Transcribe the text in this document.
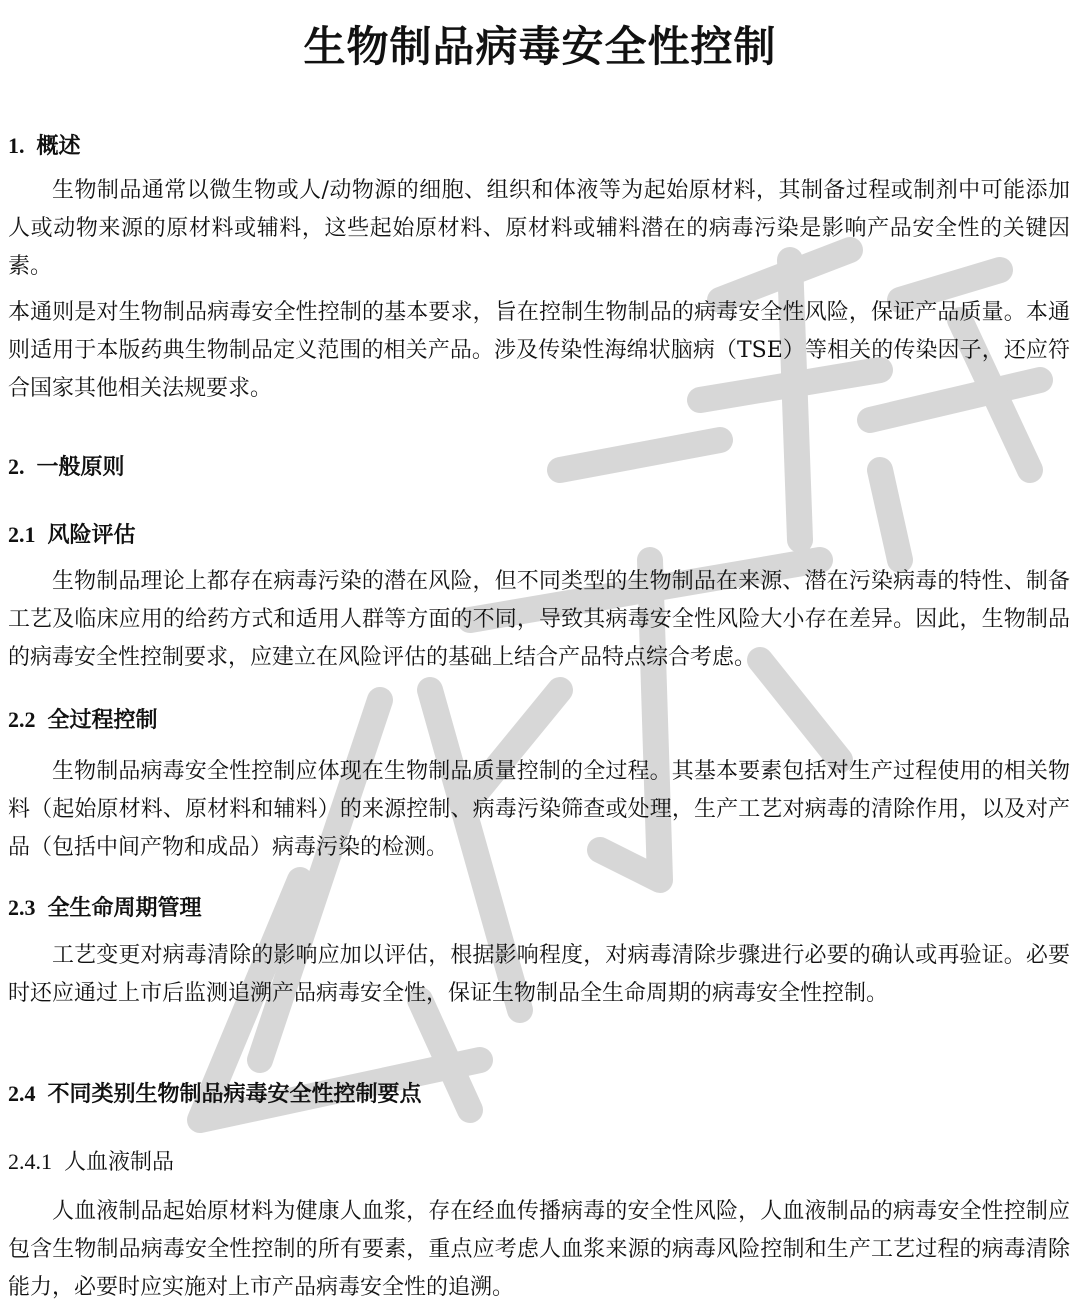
生物制品病毒安全性控制
1. 概述
生物制品通常以微生物或人/动物源的细胞、组织和体液等为起始原材料，其制备过程或制剂中可能添加人或动物来源的原材料或辅料，这些起始原材料、原材料或辅料潜在的病毒污染是影响产品安全性的关键因素。
本通则是对生物制品病毒安全性控制的基本要求，旨在控制生物制品的病毒安全性风险，保证产品质量。本通则适用于本版药典生物制品定义范围的相关产品。涉及传染性海绵状脑病（TSE）等相关的传染因子，还应符合国家其他相关法规要求。
2. 一般原则
2.1 风险评估
生物制品理论上都存在病毒污染的潜在风险，但不同类型的生物制品在来源、潜在污染病毒的特性、制备工艺及临床应用的给药方式和适用人群等方面的不同，导致其病毒安全性风险大小存在差异。因此，生物制品的病毒安全性控制要求，应建立在风险评估的基础上结合产品特点综合考虑。
2.2 全过程控制
生物制品病毒安全性控制应体现在生物制品质量控制的全过程。其基本要素包括对生产过程使用的相关物料（起始原材料、原材料和辅料）的来源控制、病毒污染筛查或处理，生产工艺对病毒的清除作用，以及对产品（包括中间产物和成品）病毒污染的检测。
2.3 全生命周期管理
工艺变更对病毒清除的影响应加以评估，根据影响程度，对病毒清除步骤进行必要的确认或再验证。必要时还应通过上市后监测追溯产品病毒安全性，保证生物制品全生命周期的病毒安全性控制。
2.4 不同类别生物制品病毒安全性控制要点
2.4.1 人血液制品
人血液制品起始原材料为健康人血浆，存在经血传播病毒的安全性风险，人血液制品的病毒安全性控制应包含生物制品病毒安全性控制的所有要素，重点应考虑人血浆来源的病毒风险控制和生产工艺过程的病毒清除能力，必要时应实施对上市产品病毒安全性的追溯。
